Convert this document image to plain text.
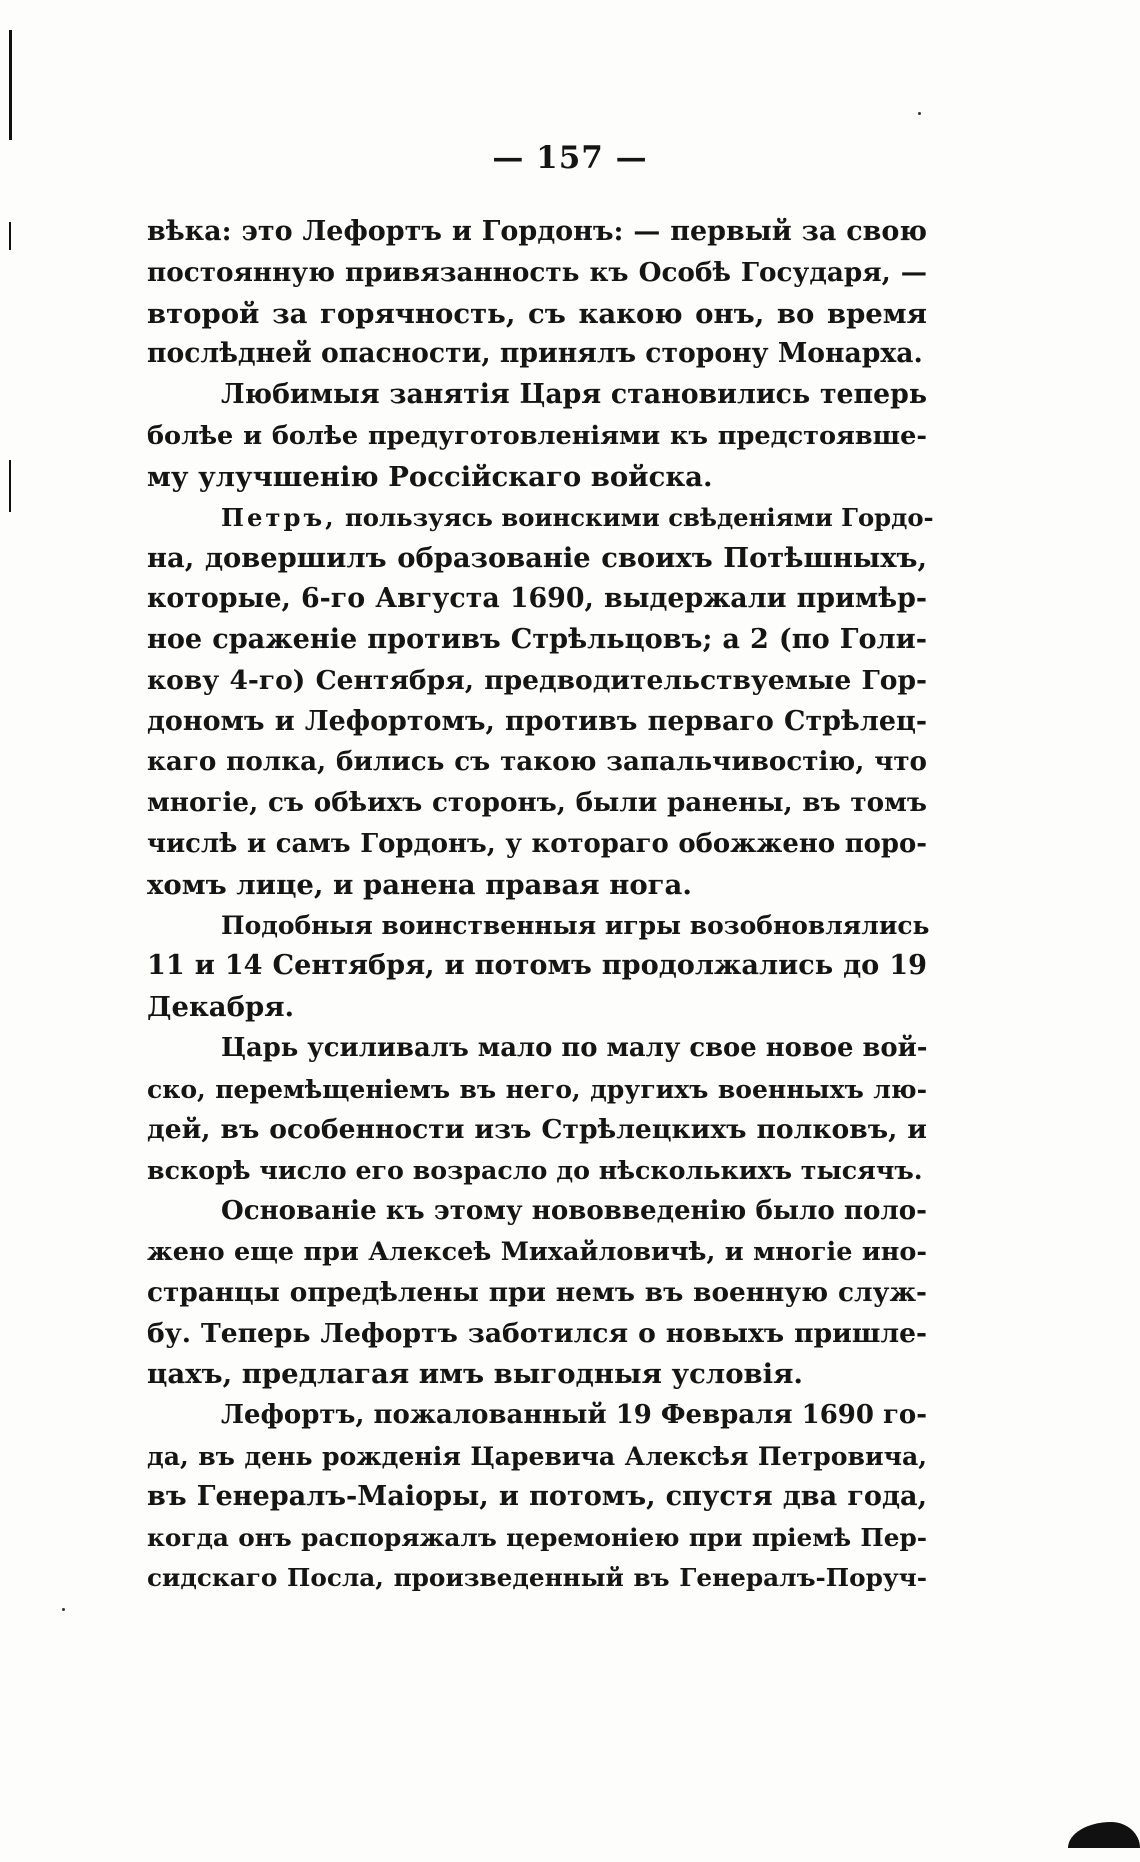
— 157 —
вѣка: это Лефортъ и Гордонъ: — первый за свою
постоянную привязанность къ Особѣ Государя, —
второй за горячность, съ какою онъ, во время
послѣдней опасности, принялъ сторону Монарха.
Любимыя занятія Царя становились теперь
болѣе и болѣе предуготовленіями къ предстоявше-
му улучшенію Россійскаго войска.
Петръ, пользуясь воинскими свѣденіями Гордо-
на, довершилъ образованіе своихъ Потѣшныхъ,
которые, 6-го Августа 1690, выдержали примѣр-
ное сраженіе противъ Стрѣльцовъ; а 2 (по Голи-
кову 4-го) Сентября, предводительствуемые Гор-
дономъ и Лефортомъ, противъ перваго Стрѣлец-
каго полка, бились съ такою запальчивостію, что
многіе, съ обѣихъ сторонъ, были ранены, въ томъ
числѣ и самъ Гордонъ, у котораго обожжено поро-
хомъ лице, и ранена правая нога.
Подобныя воинственныя игры возобновлялись
11 и 14 Сентября, и потомъ продолжались до 19
Декабря.
Царь усиливалъ мало по малу свое новое вой-
ско, перемѣщеніемъ въ него, другихъ военныхъ лю-
дей, въ особенности изъ Стрѣлецкихъ полковъ, и
вскорѣ число его возрасло до нѣсколькихъ тысячъ.
Основаніе къ этому нововведенію было поло-
жено еще при Алексеѣ Михайловичѣ, и многіе ино-
странцы опредѣлены при немъ въ военную служ-
бу. Теперь Лефортъ заботился о новыхъ пришле-
цахъ, предлагая имъ выгодныя условія.
Лефортъ, пожалованный 19 Февраля 1690 го-
да, въ день рожденія Царевича Алексѣя Петровича,
въ Генералъ-Маіоры, и потомъ, спустя два года,
когда онъ распоряжалъ церемоніею при пріемѣ Пер-
сидскаго Посла, произведенный въ Генералъ-Поруч-
